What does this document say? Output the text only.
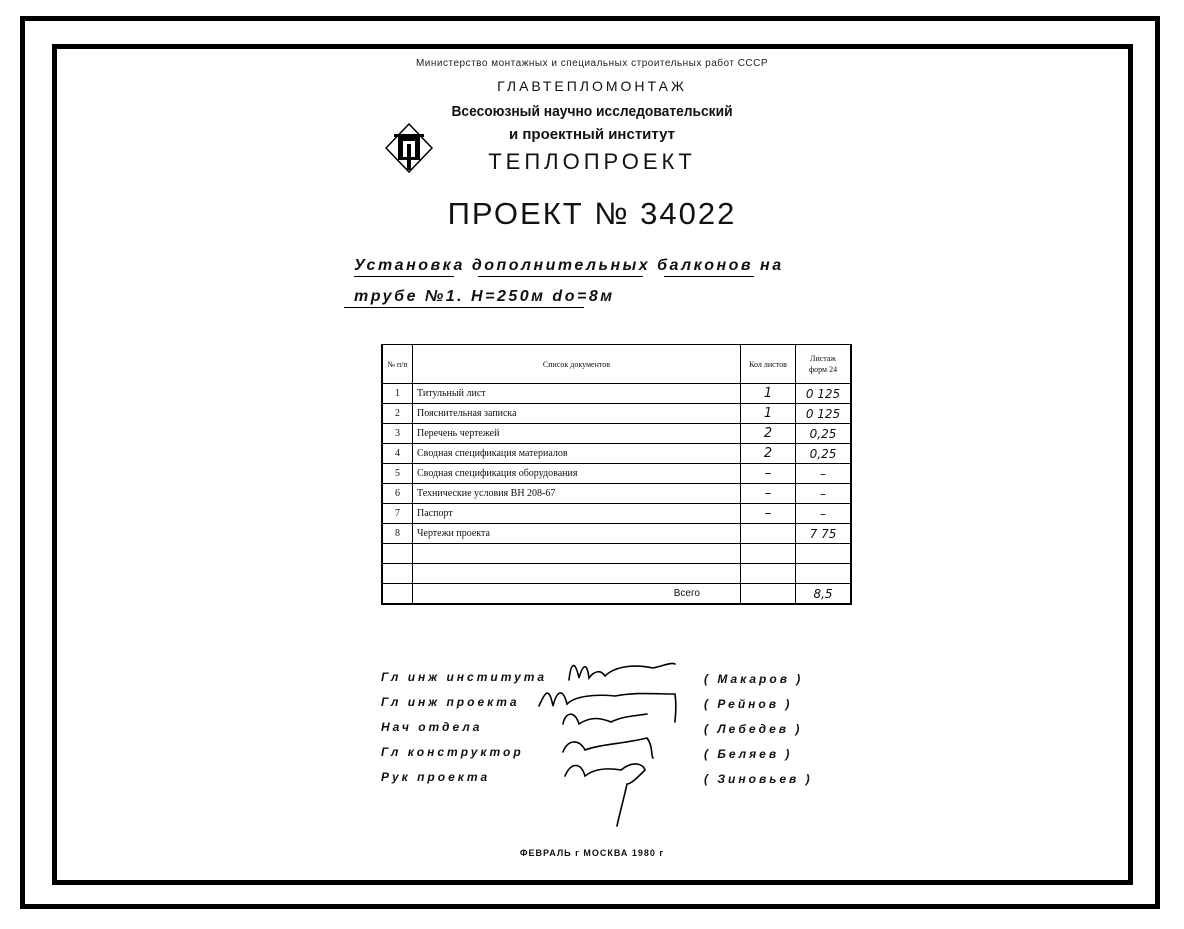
Министерство монтажных и специальных строительных работ СССР
ГЛАВТЕПЛОМОНТАЖ
Всесоюзный научно исследовательский
и проектный институт
ТЕПЛОПРОЕКТ
ПРОЕКТ № 34022
Установка дополнительных балконов на
трубе №1. Н=250м do=8м
№ п/п	Список документов	Кол листов	Листаж форм 24
1	Титульный лист	1	0 125
2	Пояснительная записка	1	0 125
3	Перечень чертежей	2	0,25
4	Сводная спецификация материалов	2	0,25
5	Сводная спецификация оборудования	–	–
6	Технические условия ВН 208-67	–	–
7	Паспорт	–	–
8	Чертежи проекта		7 75

	Всего		8,5
Гл инж института
Гл инж проекта
Нач отдела
Гл конструктор
Рук проекта
( Макаров )
( Рейнов )
( Лебедев )
( Беляев )
( Зиновьев )
ФЕВРАЛЬ г МОСКВА 1980 г
